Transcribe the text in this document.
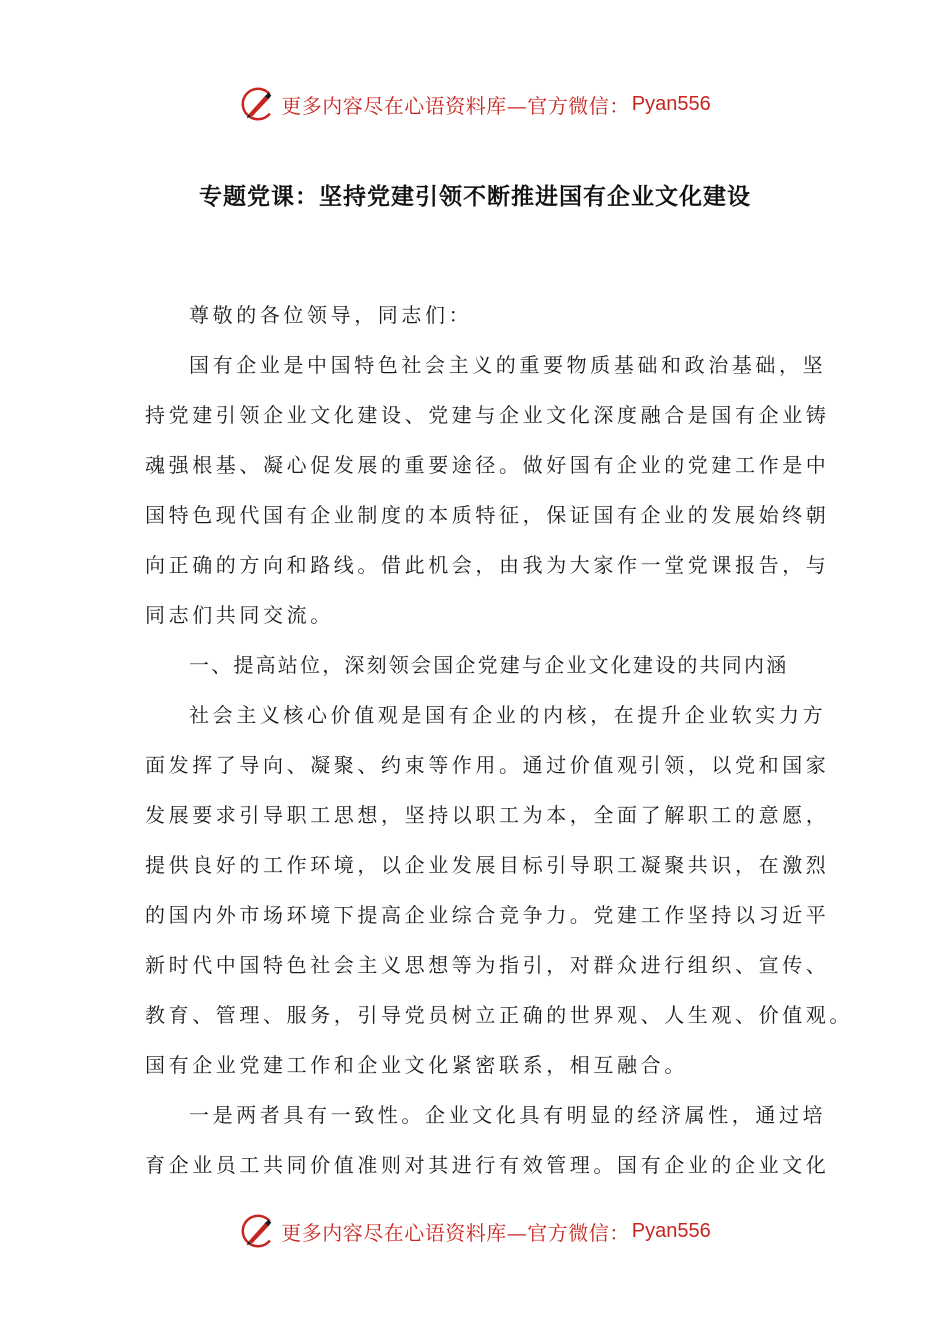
更多内容尽在心语资料库—官方微信： Pyan556
专题党课：坚持党建引领不断推进国有企业文化建设
尊敬的各位领导，同志们：
国有企业是中国特色社会主义的重要物质基础和政治基础，坚
持党建引领企业文化建设、党建与企业文化深度融合是国有企业铸
魂强根基、凝心促发展的重要途径。做好国有企业的党建工作是中
国特色现代国有企业制度的本质特征，保证国有企业的发展始终朝
向正确的方向和路线。借此机会，由我为大家作一堂党课报告，与
同志们共同交流。
一、提高站位，深刻领会国企党建与企业文化建设的共同内涵
社会主义核心价值观是国有企业的内核，在提升企业软实力方
面发挥了导向、凝聚、约束等作用。通过价值观引领，以党和国家
发展要求引导职工思想，坚持以职工为本，全面了解职工的意愿，
提供良好的工作环境，以企业发展目标引导职工凝聚共识，在激烈
的国内外市场环境下提高企业综合竞争力。党建工作坚持以习近平
新时代中国特色社会主义思想等为指引，对群众进行组织、宣传、
教育、管理、服务，引导党员树立正确的世界观、人生观、价值观。
国有企业党建工作和企业文化紧密联系，相互融合。
一是两者具有一致性。企业文化具有明显的经济属性，通过培
育企业员工共同价值准则对其进行有效管理。国有企业的企业文化
更多内容尽在心语资料库—官方微信： Pyan556
